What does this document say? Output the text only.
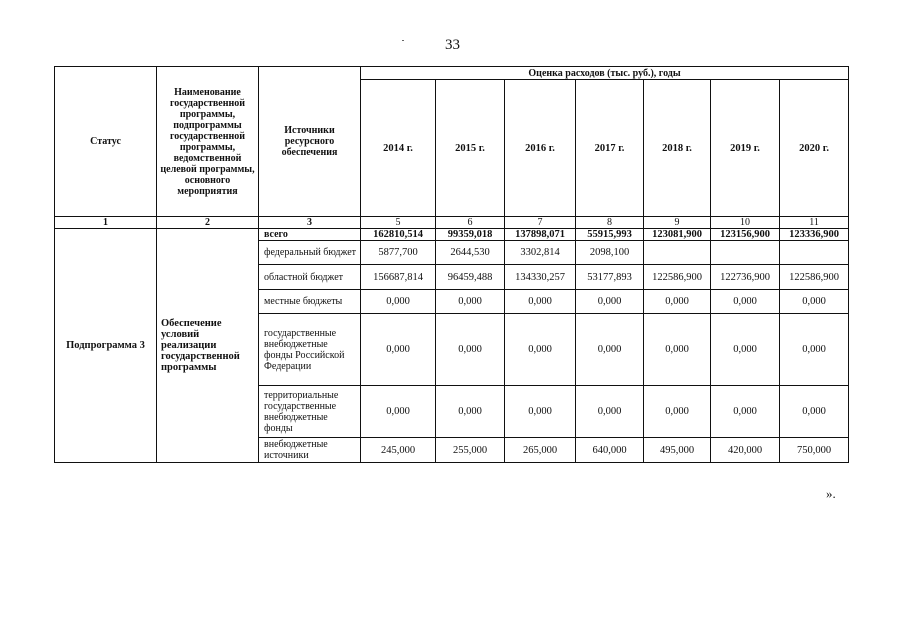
33
Статус	Наименование государственной программы, подпрограммы государственной программы, ведомственной целевой программы, основного мероприятия	Источники ресурсного обеспечения	Оценка расходов (тыс. руб.), годы						
			2014 г.	2015 г.	2016 г.	2017 г.	2018 г.	2019 г.	2020 г.
1	2	3	5	6	7	8	9	10	11
Подпрограмма 3	Обеспечение условий реализации государственной программы	всего	162810,514	99359,018	137898,071	55915,993	123081,900	123156,900	123336,900
		федеральный бюджет	5877,700	2644,530	3302,814	2098,100			
		областной бюджет	156687,814	96459,488	134330,257	53177,893	122586,900	122736,900	122586,900
		местные бюджеты	0,000	0,000	0,000	0,000	0,000	0,000	0,000
		государственные внебюджетные фонды Российской Федерации	0,000	0,000	0,000	0,000	0,000	0,000	0,000
		территориальные государственные внебюджетные фонды	0,000	0,000	0,000	0,000	0,000	0,000	0,000
		внебюджетные источники	245,000	255,000	265,000	640,000	495,000	420,000	750,000
».
